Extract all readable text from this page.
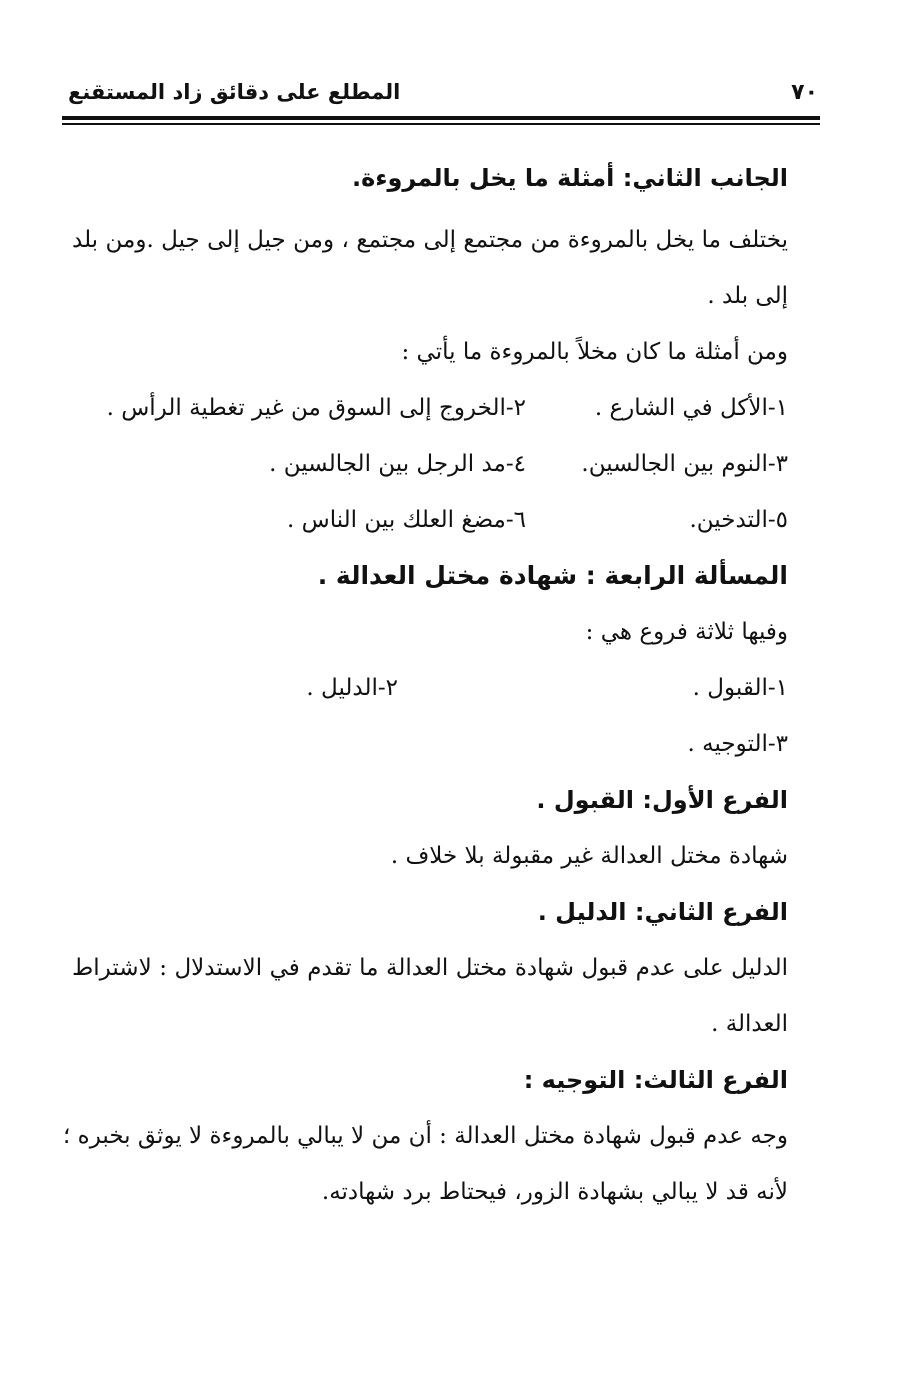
٧٠
المطلع على دقائق زاد المستقنع
الجانب الثاني: أمثلة ما يخل بالمروءة.
يختلف ما يخل بالمروءة من مجتمع إلى مجتمع ، ومن جيل إلى جيل .ومن بلد
إلى بلد .
ومن أمثلة ما كان مخلاً بالمروءة ما يأتي :
١-الأكل في الشارع .
٢-الخروج إلى السوق من غير تغطية الرأس .
٣-النوم بين الجالسين.
٤-مد الرجل بين الجالسين .
٥-التدخين.
٦-مضغ العلك بين الناس .
المسألة الرابعة : شهادة مختل العدالة .
وفيها ثلاثة فروع هي :
١-القبول .
٢-الدليل .
٣-التوجيه .
الفرع الأول: القبول .
شهادة مختل العدالة غير مقبولة بلا خلاف .
الفرع الثاني: الدليل .
الدليل على عدم قبول شهادة مختل العدالة ما تقدم في الاستدلال : لاشتراط
العدالة .
الفرع الثالث: التوجيه :
وجه عدم قبول شهادة مختل العدالة : أن من لا يبالي بالمروءة لا يوثق بخبره ؛
لأنه قد لا يبالي بشهادة الزور، فيحتاط برد شهادته.
